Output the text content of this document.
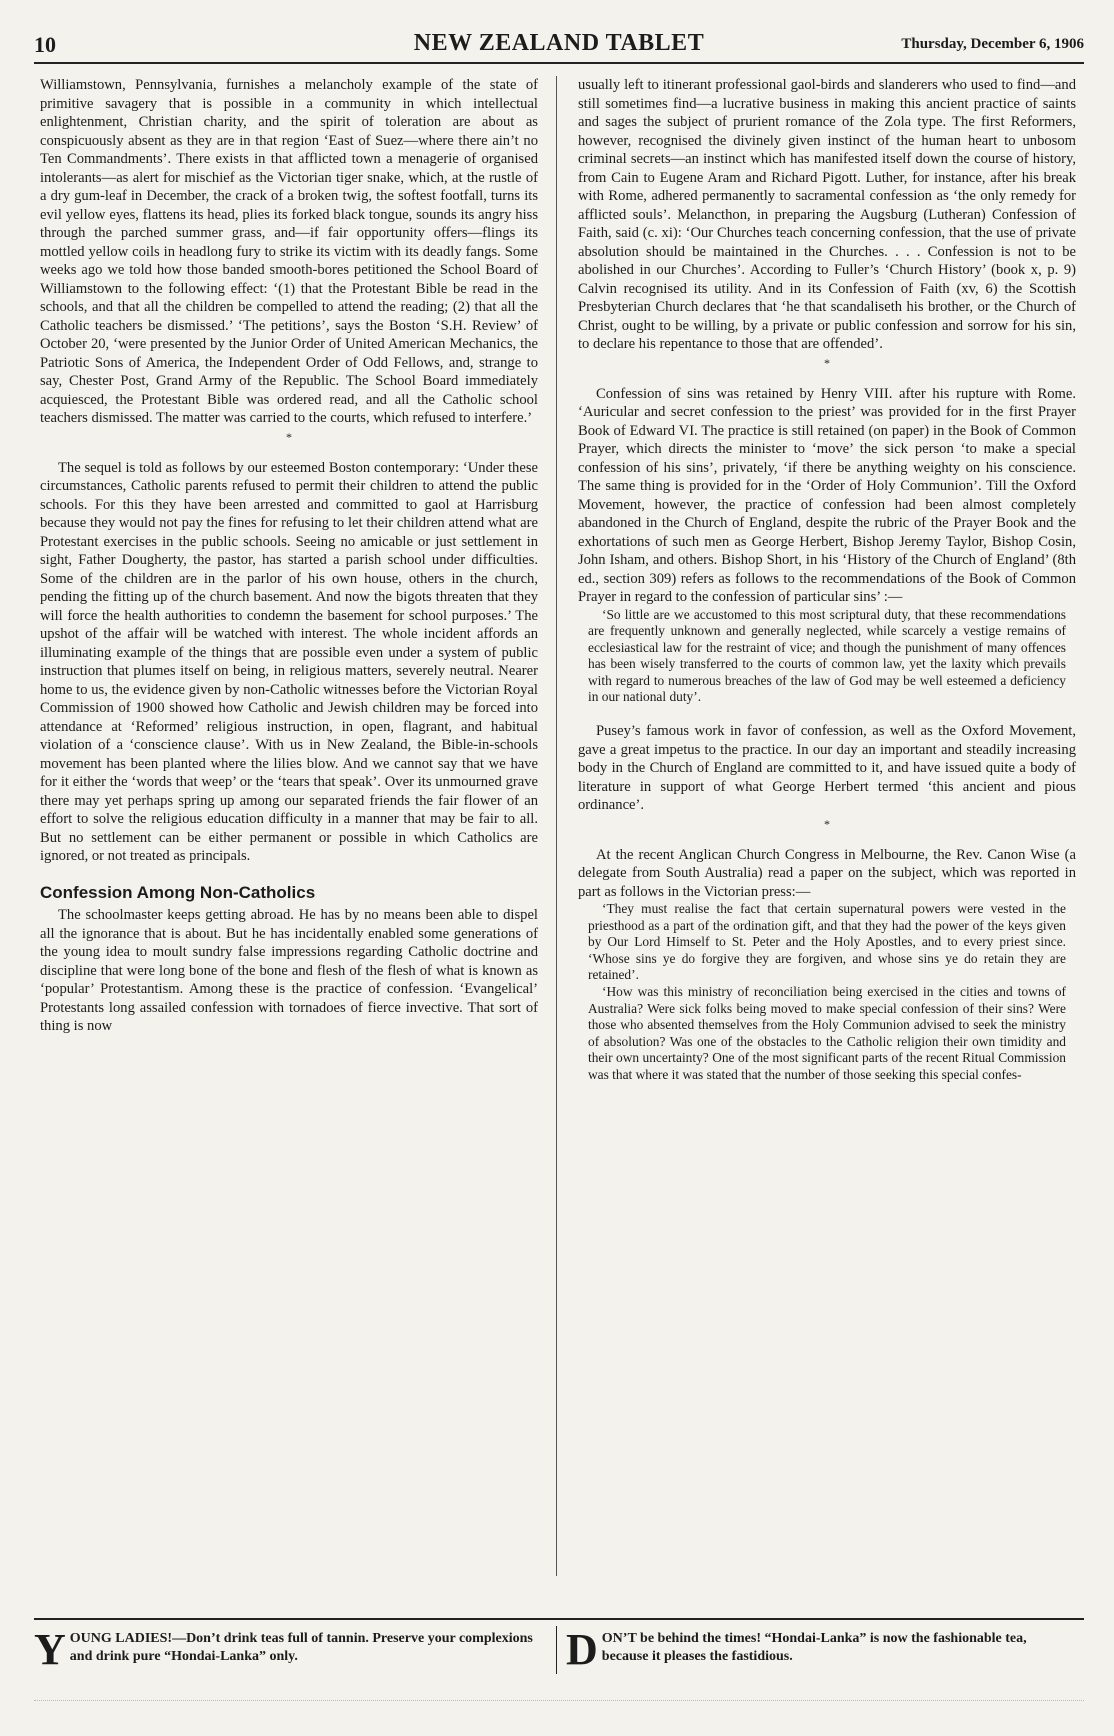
10	NEW ZEALAND TABLET	Thursday, December 6, 1906

Williamstown, Pennsylvania, furnishes a melancholy example of the state of primitive savagery that is possible in a community in which intellectual enlightenment, Christian charity, and the spirit of toleration are about as conspicuously absent as they are in that region ‘East of Suez—where there ain’t no Ten Commandments’. There exists in that afflicted town a menagerie of organised intolerants—as alert for mischief as the Victorian tiger snake, which, at the rustle of a dry gum-leaf in December, the crack of a broken twig, the softest footfall, turns its evil yellow eyes, flattens its head, plies its forked black tongue, sounds its angry hiss through the parched summer grass, and—if fair opportunity offers—flings its mottled yellow coils in headlong fury to strike its victim with its deadly fangs. Some weeks ago we told how those banded smooth-bores petitioned the School Board of Williamstown to the following effect: ‘(1) that the Protestant Bible be read in the schools, and that all the children be compelled to attend the reading; (2) that all the Catholic teachers be dismissed.’ ‘The petitions’, says the Boston ‘S.H. Review’ of October 20, ‘were presented by the Junior Order of United American Mechanics, the Patriotic Sons of America, the Independent Order of Odd Fellows, and, strange to say, Chester Post, Grand Army of the Republic. The School Board immediately acquiesced, the Protestant Bible was ordered read, and all the Catholic school teachers dismissed. The matter was carried to the courts, which refused to interfere.’

*

The sequel is told as follows by our esteemed Boston contemporary: ‘Under these circumstances, Catholic parents refused to permit their children to attend the public schools. For this they have been arrested and committed to gaol at Harrisburg because they would not pay the fines for refusing to let their children attend what are Protestant exercises in the public schools. Seeing no amicable or just settlement in sight, Father Dougherty, the pastor, has started a parish school under difficulties. Some of the children are in the parlor of his own house, others in the church, pending the fitting up of the church basement. And now the bigots threaten that they will force the health authorities to condemn the basement for school purposes.’ The upshot of the affair will be watched with interest. The whole incident affords an illuminating example of the things that are possible even under a system of public instruction that plumes itself on being, in religious matters, severely neutral. Nearer home to us, the evidence given by non-Catholic witnesses before the Victorian Royal Commission of 1900 showed how Catholic and Jewish children may be forced into attendance at ‘Reformed’ religious instruction, in open, flagrant, and habitual violation of a ‘conscience clause’. With us in New Zealand, the Bible-in-schools movement has been planted where the lilies blow. And we cannot say that we have for it either the ‘words that weep’ or the ‘tears that speak’. Over its unmourned grave there may yet perhaps spring up among our separated friends the fair flower of an effort to solve the religious education difficulty in a manner that may be fair to all. But no settlement can be either permanent or possible in which Catholics are ignored, or not treated as principals.

Confession Among Non-Catholics

The schoolmaster keeps getting abroad. He has by no means been able to dispel all the ignorance that is about. But he has incidentally enabled some generations of the young idea to moult sundry false impressions regarding Catholic doctrine and discipline that were long bone of the bone and flesh of the flesh of what is known as ‘popular’ Protestantism. Among these is the practice of confession. ‘Evangelical’ Protestants long assailed confession with tornadoes of fierce invective. That sort of thing is now

usually left to itinerant professional gaol-birds and slanderers who used to find—and still sometimes find—a lucrative business in making this ancient practice of saints and sages the subject of prurient romance of the Zola type. The first Reformers, however, recognised the divinely given instinct of the human heart to unbosom criminal secrets—an instinct which has manifested itself down the course of history, from Cain to Eugene Aram and Richard Pigott. Luther, for instance, after his break with Rome, adhered permanently to sacramental confession as ‘the only remedy for afflicted souls’. Melancthon, in preparing the Augsburg (Lutheran) Confession of Faith, said (c. xi): ‘Our Churches teach concerning confession, that the use of private absolution should be maintained in the Churches. . . . Confession is not to be abolished in our Churches’. According to Fuller’s ‘Church History’ (book x, p. 9) Calvin recognised its utility. And in its Confession of Faith (xv, 6) the Scottish Presbyterian Church declares that ‘he that scandaliseth his brother, or the Church of Christ, ought to be willing, by a private or public confession and sorrow for his sin, to declare his repentance to those that are offended’.

*

Confession of sins was retained by Henry VIII. after his rupture with Rome. ‘Auricular and secret confession to the priest’ was provided for in the first Prayer Book of Edward VI. The practice is still retained (on paper) in the Book of Common Prayer, which directs the minister to ‘move’ the sick person ‘to make a special confession of his sins’, privately, ‘if there be anything weighty on his conscience. The same thing is provided for in the ‘Order of Holy Communion’. Till the Oxford Movement, however, the practice of confession had been almost completely abandoned in the Church of England, despite the rubric of the Prayer Book and the exhortations of such men as George Herbert, Bishop Jeremy Taylor, Bishop Cosin, John Isham, and others. Bishop Short, in his ‘History of the Church of England’ (8th ed., section 309) refers as follows to the recommendations of the Book of Common Prayer in regard to the confession of particular sins’ :—

‘So little are we accustomed to this most scriptural duty, that these recommendations are frequently unknown and generally neglected, while scarcely a vestige remains of ecclesiastical law for the restraint of vice; and though the punishment of many offences has been wisely transferred to the courts of common law, yet the laxity which prevails with regard to numerous breaches of the law of God may be well esteemed a deficiency in our national duty’.

Pusey’s famous work in favor of confession, as well as the Oxford Movement, gave a great impetus to the practice. In our day an important and steadily increasing body in the Church of England are committed to it, and have issued quite a body of literature in support of what George Herbert termed ‘this ancient and pious ordinance’.

*

At the recent Anglican Church Congress in Melbourne, the Rev. Canon Wise (a delegate from South Australia) read a paper on the subject, which was reported in part as follows in the Victorian press:—

‘They must realise the fact that certain supernatural powers were vested in the priesthood as a part of the ordination gift, and that they had the power of the keys given by Our Lord Himself to St. Peter and the Holy Apostles, and to every priest since. ‘Whose sins ye do forgive they are forgiven, and whose sins ye do retain they are retained’.

‘How was this ministry of reconciliation being exercised in the cities and towns of Australia? Were sick folks being moved to make special confession of their sins? Were those who absented themselves from the Holy Communion advised to seek the ministry of absolution? Was one of the obstacles to the Catholic religion their own timidity and their own uncertainty? One of the most significant parts of the recent Ritual Commission was that where it was stated that the number of those seeking this special confes-

Y OUNG LADIES!—Don’t drink teas full of tannin. Preserve your complexions and drink pure “Hondai-Lanka” only.	D ON’T be behind the times! “Hondai-Lanka” is now the fashionable tea, because it pleases the fastidious.
